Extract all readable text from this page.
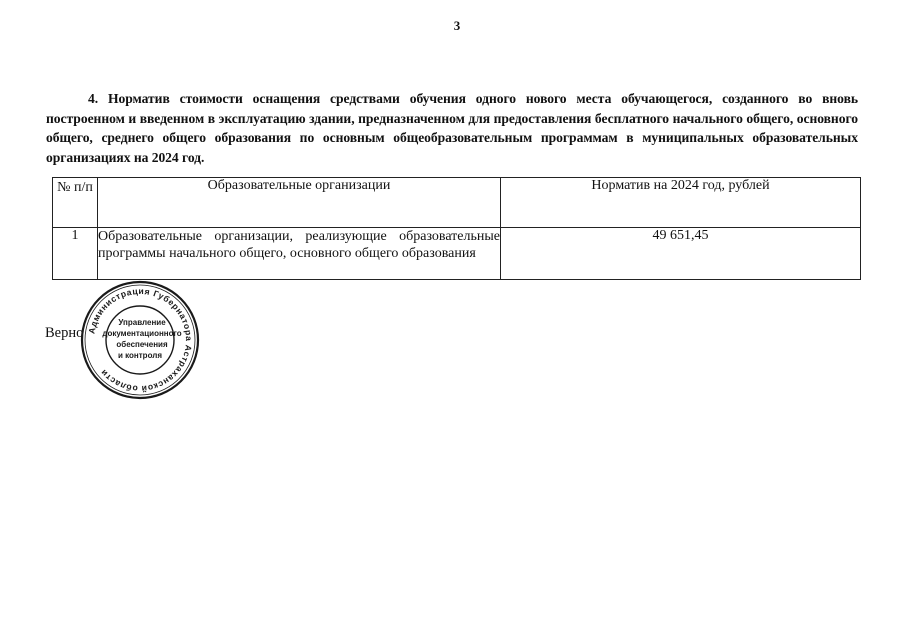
3
4. Норматив стоимости оснащения средствами обучения одного нового места обучающегося, созданного во вновь построенном и введенном в эксплуатацию здании, предназначенном для предоставления бесплатного начального общего, основного общего, среднего общего образования по основным общеобразовательным программам в муниципальных образовательных организациях на 2024 год.
№ п/п	Образовательные организации	Норматив на 2024 год, рублей
1	Образовательные организации, реализующие образовательные программы начального общего, основного общего образования	49 651,45
Верно Администрация Губернатора Астраханской области
Управление
документационного
обеспечения
и контроля
